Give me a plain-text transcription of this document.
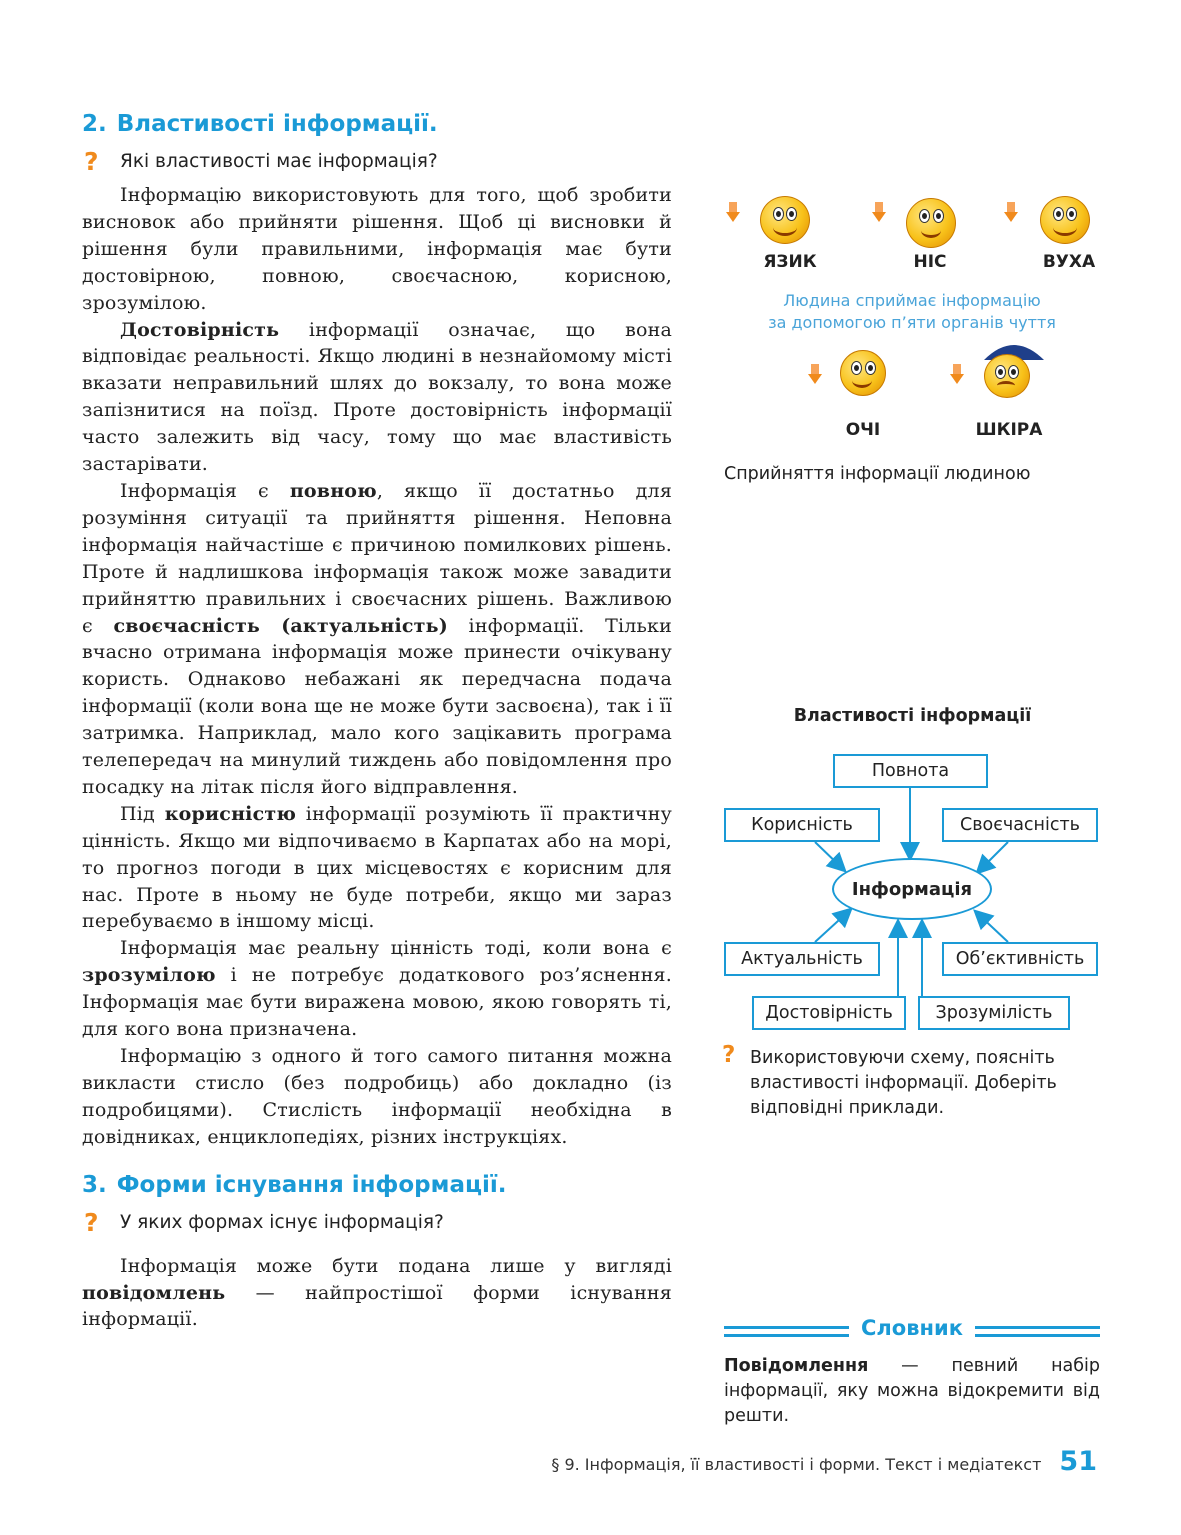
2. Властивості інформації.
? Які властивості має інформація?

Інформацію використовують для того, щоб зробити висновок або прийняти рішення. Щоб ці висновки й рішення були правильними, інформація має бути достовірною, повною, своєчасною, корисною, зрозумілою.

Достовірність інформації означає, що вона відповідає реальності. Якщо людині в незнайомому місті вказати неправильний шлях до вокзалу, то вона може запізнитися на поїзд. Проте достовірність інформації часто залежить від часу, тому що має властивість застарівати.

Інформація є повною, якщо її достатньо для розуміння ситуації та прийняття рішення. Неповна інформація найчастіше є причиною помилкових рішень. Проте й надлишкова інформація також може завадити прийняттю правильних і своєчасних рішень. Важливою є своєчасність (актуальність) інформації. Тільки вчасно отримана інформація може принести очікувану користь. Однаково небажані як передчасна подача інформації (коли вона ще не може бути засвоєна), так і її затримка. Наприклад, мало кого зацікавить програма телепередач на минулий тиждень або повідомлення про посадку на літак після його відправлення.

Під корисністю інформації розуміють її практичну цінність. Якщо ми відпочиваємо в Карпатах або на морі, то прогноз погоди в цих місцевостях є корисним для нас. Проте в ньому не буде потреби, якщо ми зараз перебуваємо в іншому місці.

Інформація має реальну цінність тоді, коли вона є зрозумілою і не потребує додаткового роз’яснення. Інформація має бути виражена мовою, якою говорять ті, для кого вона призначена.

Інформацію з одного й того самого питання можна викласти стисло (без подробиць) або докладно (із подробицями). Стислість інформації необхідна в довідниках, енциклопедіях, різних інструкціях.

3. Форми існування інформації.
? У яких формах існує інформація?

Інформація може бути подана лише у вигляді повідомлень — найпростішої форми існування інформації.

ЯЗИК	НІС	ВУХА
Людина сприймає інформацію
за допомогою п’яти органів чуття
ОЧІ	ШКІРА
Сприйняття інформації людиною
Властивості інформації
Повнота
Корисність	Своєчасність
Інформація
Актуальність	Об’єктивність
Достовірність Зрозумілість
? Використовуючи схему, поясніть властивості інформації. Доберіть відповідні приклади.
Словник
Повідомлення — певний набір інформації, яку можна відокремити від решти.
§ 9. Інформація, її властивості і форми. Текст і медіатекст 51
